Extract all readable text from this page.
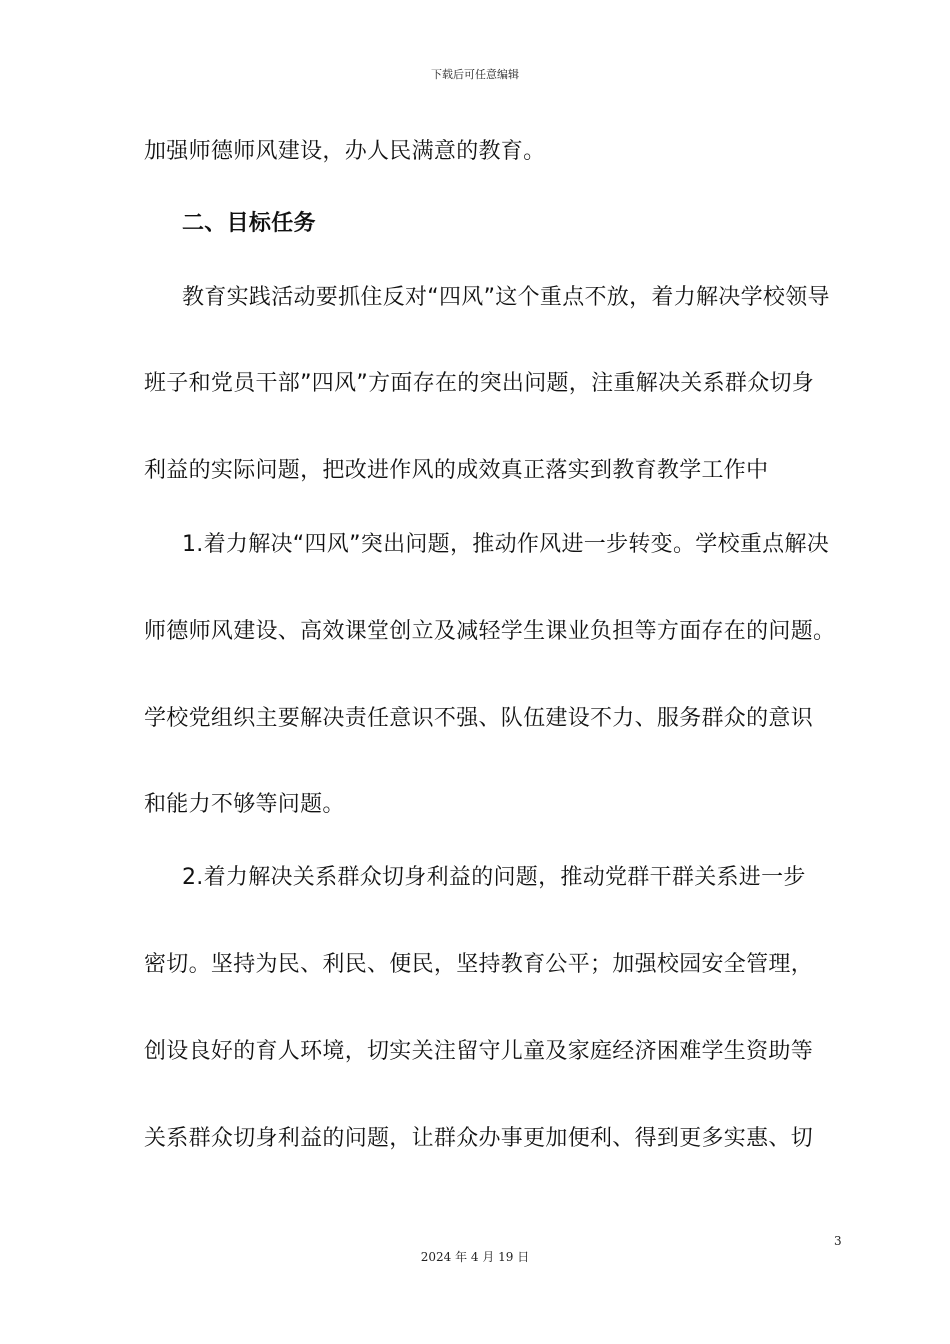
下载后可任意编辑
加强师德师风建设，办人民满意的教育。
二、目标任务
教育实践活动要抓住反对“四风”这个重点不放，着力解决学校领导
班子和党员干部”四风”方面存在的突出问题，注重解决关系群众切身
利益的实际问题，把改进作风的成效真正落实到教育教学工作中
1.着力解决“四风”突出问题，推动作风进一步转变。学校重点解决
师德师风建设、高效课堂创立及减轻学生课业负担等方面存在的问题。
学校党组织主要解决责任意识不强、队伍建设不力、服务群众的意识
和能力不够等问题。
2.着力解决关系群众切身利益的问题，推动党群干群关系进一步
密切。坚持为民、利民、便民，坚持教育公平；加强校园安全管理，
创设良好的育人环境，切实关注留守儿童及家庭经济困难学生资助等
关系群众切身利益的问题，让群众办事更加便利、得到更多实惠、切
3
2024 年 4 月 19 日
